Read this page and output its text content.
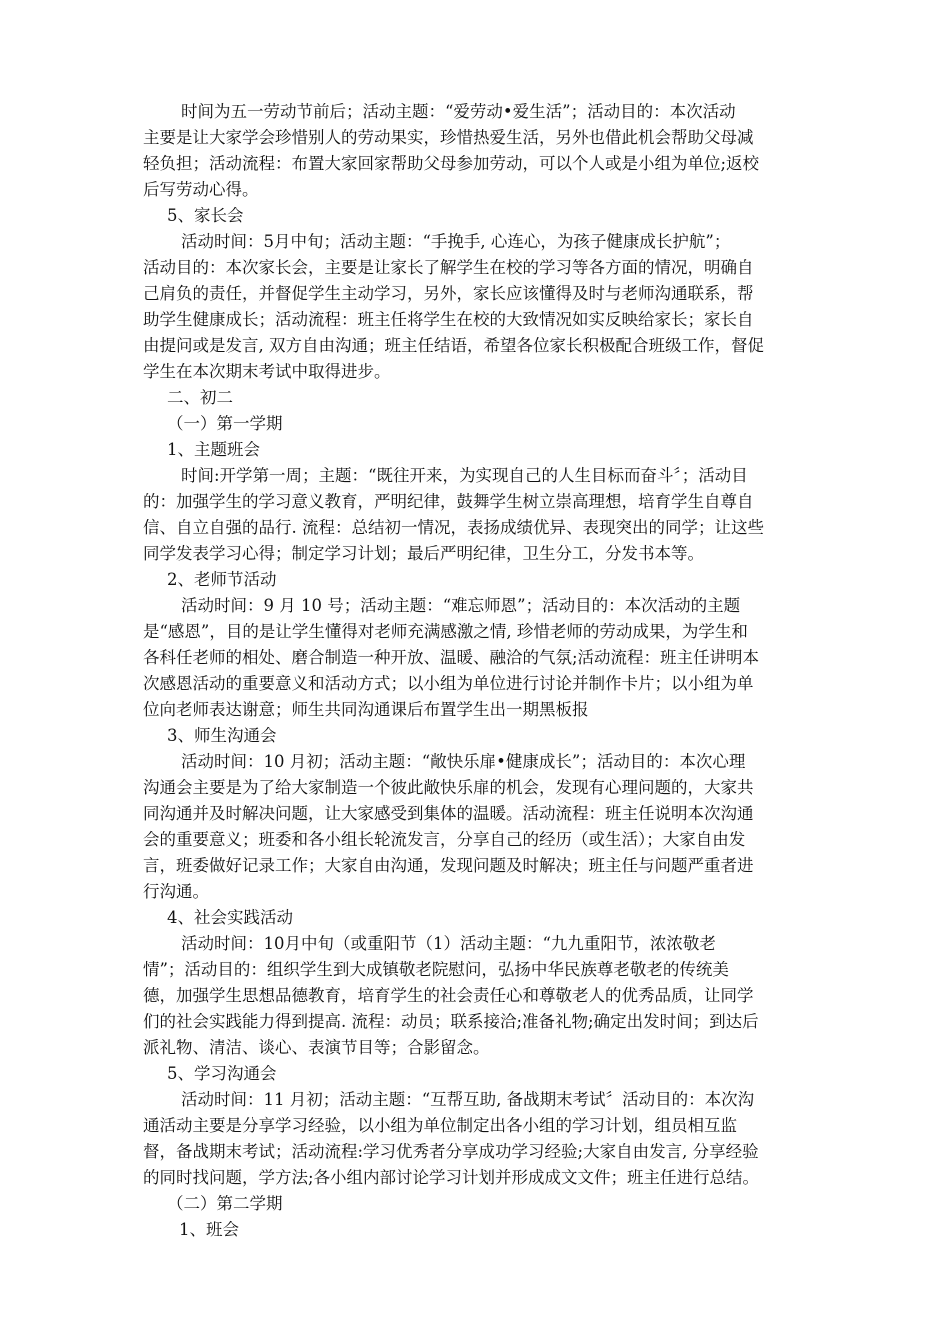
时间为五一劳动节前后；活动主题：“爱劳动•爱生活”；活动目的：本次活动
主要是让大家学会珍惜别人的劳动果实，珍惜热爱生活，另外也借此机会帮助父母减
轻负担；活动流程：布置大家回家帮助父母参加劳动，可以个人或是小组为单位;返校
后写劳动心得。
5、家长会
活动时间：5月中旬；活动主题：“手挽手, 心连心，为孩子健康成长护航”；
活动目的：本次家长会，主要是让家长了解学生在校的学习等各方面的情况，明确自
己肩负的责任，并督促学生主动学习，另外，家长应该懂得及时与老师沟通联系，帮
助学生健康成长；活动流程：班主任将学生在校的大致情况如实反映给家长；家长自
由提问或是发言, 双方自由沟通；班主任结语，希望各位家长积极配合班级工作，督促
学生在本次期末考试中取得进步。
二、初二
（一）第一学期
1、主题班会
时间:开学第一周；主题：“既往开来，为实现自己的人生目标而奋斗〞；活动目
的：加强学生的学习意义教育，严明纪律，鼓舞学生树立崇高理想，培育学生自尊自
信、自立自强的品行. 流程：总结初一情况，表扬成绩优异、表现突出的同学；让这些
同学发表学习心得；制定学习计划；最后严明纪律，卫生分工，分发书本等。
2、老师节活动
活动时间：9 月 10 号；活动主题：“难忘师恩”；活动目的：本次活动的主题
是“感恩”，目的是让学生懂得对老师充满感激之情, 珍惜老师的劳动成果，为学生和
各科任老师的相处、磨合制造一种开放、温暖、融洽的气氛;活动流程：班主任讲明本
次感恩活动的重要意义和活动方式；以小组为单位进行讨论并制作卡片；以小组为单
位向老师表达谢意；师生共同沟通课后布置学生出一期黑板报
3、师生沟通会
活动时间：10 月初；活动主题：“敞快乐扉•健康成长”；活动目的：本次心理
沟通会主要是为了给大家制造一个彼此敞快乐扉的机会，发现有心理问题的，大家共
同沟通并及时解决问题，让大家感受到集体的温暖。活动流程：班主任说明本次沟通
会的重要意义；班委和各小组长轮流发言，分享自己的经历（或生活）；大家自由发
言，班委做好记录工作；大家自由沟通，发现问题及时解决；班主任与问题严重者进
行沟通。
4、社会实践活动
活动时间：10月中旬（或重阳节（1）活动主题：“九九重阳节，浓浓敬老
情”；活动目的：组织学生到大成镇敬老院慰问，弘扬中华民族尊老敬老的传统美
德，加强学生思想品德教育，培育学生的社会责任心和尊敬老人的优秀品质，让同学
们的社会实践能力得到提高. 流程：动员；联系接洽;准备礼物;确定出发时间；到达后
派礼物、清洁、谈心、表演节目等；合影留念。
5、学习沟通会
活动时间：11 月初；活动主题：“互帮互助, 备战期末考试〞活动目的：本次沟
通活动主要是分享学习经验，以小组为单位制定出各小组的学习计划，组员相互监
督，备战期末考试；活动流程:学习优秀者分享成功学习经验;大家自由发言, 分享经验
的同时找问题，学方法;各小组内部讨论学习计划并形成成文文件；班主任进行总结。
（二）第二学期
1、班会
